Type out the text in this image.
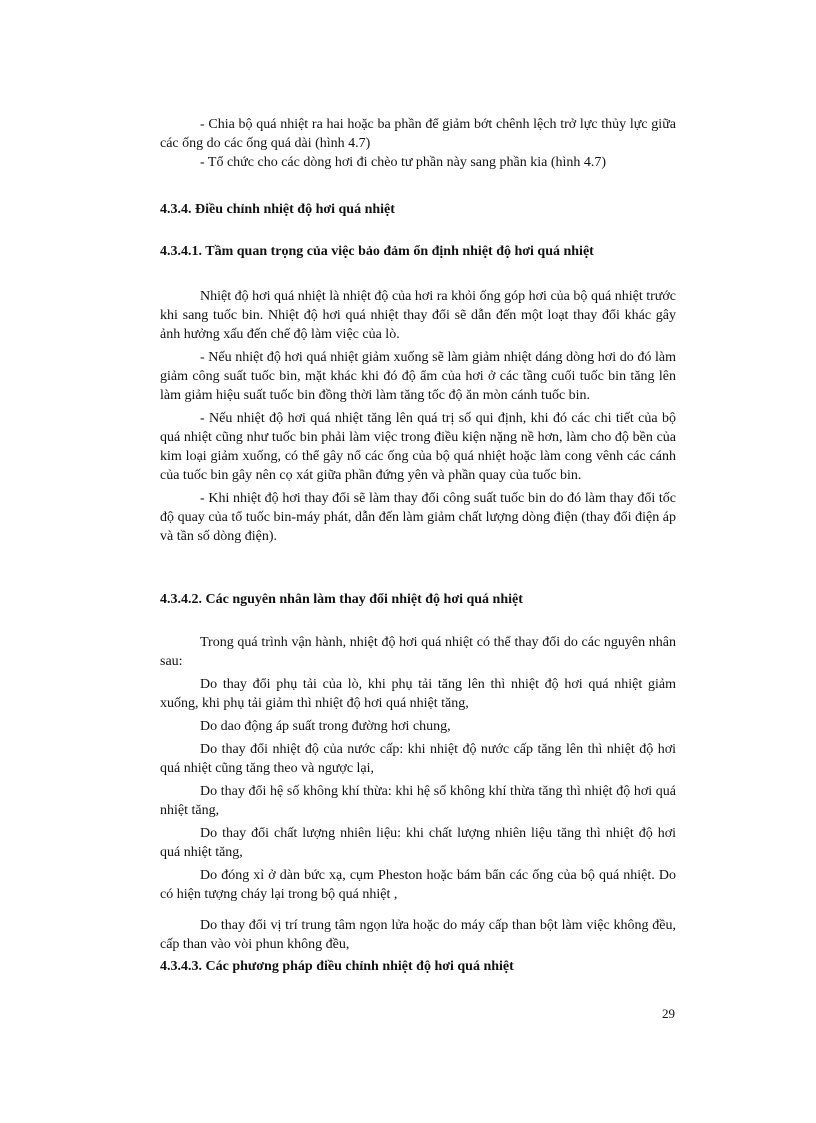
- Chia bộ quá nhiệt ra hai hoặc ba phần để giảm bớt chênh lệch trở lực thủy lực giữa các ống do các ống quá dài (hình 4.7)

- Tổ chức cho các dòng hơi đi chèo tư phần này sang phần kia (hình 4.7)

4.3.4. Điều chỉnh nhiệt độ hơi quá nhiệt
4.3.4.1. Tầm quan trọng của việc bảo đảm ổn định nhiệt độ hơi quá nhiệt

Nhiệt độ hơi quá nhiệt là nhiệt độ của hơi ra khỏi ống góp hơi của bộ quá nhiệt trước khi sang tuốc bin. Nhiệt độ hơi quá nhiệt thay đổi sẽ dẫn đến một loạt thay đổi khác gây ảnh hưởng xấu đến chế độ làm việc của lò.

- Nếu nhiệt độ hơi quá nhiệt giảm xuống sẽ làm giảm nhiệt dáng dòng hơi do đó làm giảm công suất tuốc bin, mặt khác khi đó độ ẩm của hơi ở các tầng cuối tuốc bin tăng lên làm giảm hiệu suất tuốc bin đồng thời làm tăng tốc độ ăn mòn cánh tuốc bin.

- Nếu nhiệt độ hơi quá nhiệt tăng lên quá trị số qui định, khi đó các chi tiết của bộ quá nhiệt cũng như tuốc bin phải làm việc trong điều kiện nặng nề hơn, làm cho độ bền của kim loại giảm xuống, có thể gây nổ các ống của bộ quá nhiệt hoặc làm cong vênh các cánh của tuốc bin gây nên cọ xát giữa phần đứng yên và phần quay của tuốc bin.

- Khi nhiệt độ hơi thay đổi sẽ làm thay đổi công suất tuốc bin do đó làm thay đổi tốc độ quay của tổ tuốc bin-máy phát, dẫn đến làm giảm chất lượng dòng điện (thay đổi điện áp và tần số dòng điện).

4.3.4.2. Các nguyên nhân làm thay đổi nhiệt độ hơi quá nhiệt

Trong quá trình vận hành, nhiệt độ hơi quá nhiệt có thể thay đổi do các nguyên nhân sau:

Do thay đổi phụ tải của lò, khi phụ tải tăng lên thì nhiệt độ hơi quá nhiệt giảm xuống, khi phụ tải giảm thì nhiệt độ hơi quá nhiệt tăng,

Do dao động áp suất trong đường hơi chung,

Do thay đổi nhiệt độ của nước cấp: khi nhiệt độ nước cấp tăng lên thì nhiệt độ hơi quá nhiệt cũng tăng theo và ngược lại,

Do thay đổi hệ số không khí thừa: khi hệ số không khí thừa tăng thì nhiệt độ hơi quá nhiệt tăng,

Do thay đổi chất lượng nhiên liệu: khi chất lượng nhiên liệu tăng thì nhiệt độ hơi quá nhiệt tăng,

Do đóng xỉ ở dàn bức xạ, cụm Pheston hoặc bám bẩn các ống của bộ quá nhiệt. Do có hiện tượng cháy lại trong bộ quá nhiệt ,

Do thay đổi vị trí trung tâm ngọn lửa hoặc do máy cấp than bột làm việc không đều, cấp than vào vòi phun không đều,

4.3.4.3. Các phương pháp điều chỉnh nhiệt độ hơi quá nhiệt
29
